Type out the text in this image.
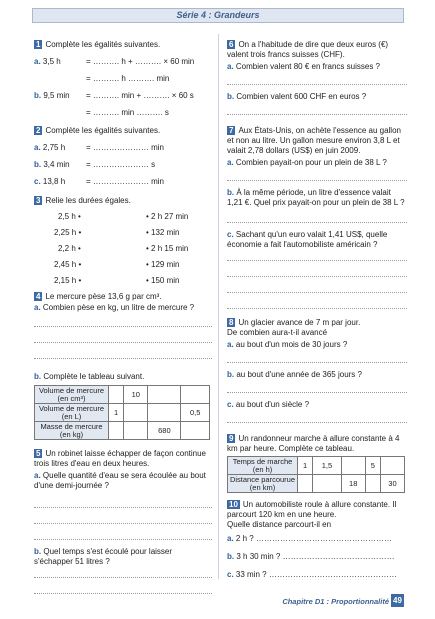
Série 4 : Grandeurs
1 Complète les égalités suivantes.
a. 3,5 h	= ………. h + ………. × 60 min
= ………. h ………. min
b. 9,5 min	= ………. min + ………. × 60 s
= ………. min ………. s
2 Complète les égalités suivantes.
a. 2,75 h	= ………………… min
b. 3,4 min	= ………………… s
c. 13,8 h	= ………………… min
3 Relie les durées égales.
2,5 h •
2,25 h •
2,2 h •
2,45 h •
2,15 h •
• 2 h 27 min
• 132 min
• 2 h 15 min
• 129 min
• 150 min
4 Le mercure pèse 13,6 g par cm³.
a. Combien pèse en kg, un litre de mercure ?
b. Complète le tableau suivant.
Volume de mercure (en cm³)		10		
Volume de mercure (en L)	1			0,5
Masse de mercure (en kg)			680	
5 Un robinet laisse échapper de façon continue trois litres d'eau en deux heures.
a. Quelle quantité d'eau se sera écoulée au bout d'une demi-journée ?
b. Quel temps s'est écoulé pour laisser s'échapper 51 litres ?
6 On a l'habitude de dire que deux euros (€) valent trois francs suisses (CHF).
a. Combien valent 80 € en francs suisses ?
b. Combien valent 600 CHF en euros ?
7 Aux États-Unis, on achète l'essence au gallon et non au litre. Un gallon mesure environ 3,8 L et valait 2,78 dollars (US$) en juin 2009.
a. Combien payait-on pour un plein de 38 L ?
b. À la même période, un litre d'essence valait 1,21 €. Quel prix payait-on pour un plein de 38 L ?
c. Sachant qu'un euro valait 1,41 US$, quelle économie a fait l'automobiliste américain ?
8 Un glacier avance de 7 m par jour.
De combien aura-t-il avancé
a. au bout d'un mois de 30 jours ?
b. au bout d'une année de 365 jours ?
c. au bout d'un siècle ?
9 Un randonneur marche à allure constante à 4 km par heure. Complète ce tableau.
Temps de marche (en h)	1	1,5		5	
Distance parcourue (en km)			18		30
10 Un automobiliste roule à allure constante. Il parcourt 120 km en une heure.
Quelle distance parcourt-il en
a. 2 h ? ……………………………………………
b. 3 h 30 min ? ……………………………………
c. 33 min ? …………………………………………
Chapitre D1 : Proportionnalité 49
